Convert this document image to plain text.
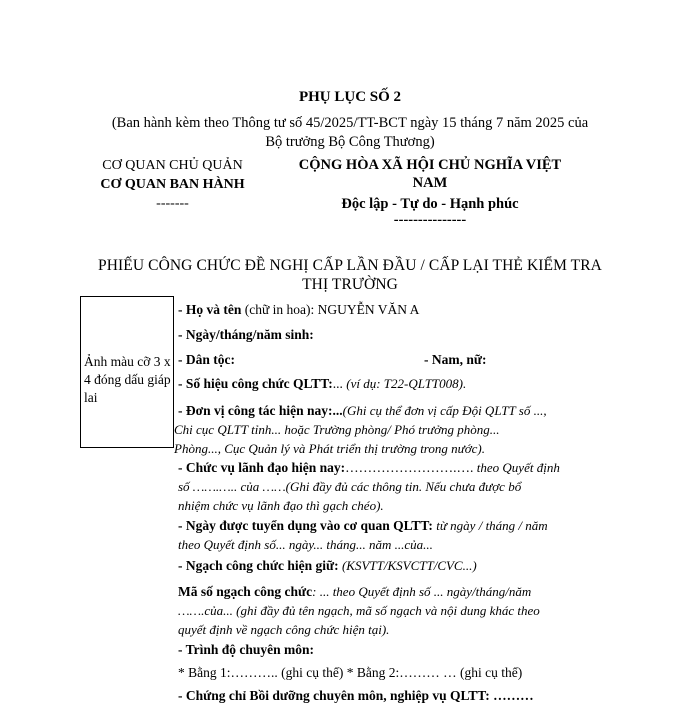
PHỤ LỤC SỐ 2
(Ban hành kèm theo Thông tư số 45/2025/TT-BCT ngày 15 tháng 7 năm 2025 của
Bộ trưởng Bộ Công Thương)
CƠ QUAN CHỦ QUẢN
CƠ QUAN BAN HÀNH
-------
CỘNG HÒA XÃ HỘI CHỦ NGHĨA VIỆT
NAM
Độc lập - Tự do - Hạnh phúc
---------------
PHIẾU CÔNG CHỨC ĐỀ NGHỊ CẤP LẦN ĐẦU / CẤP LẠI THẺ KIỂM TRA
THỊ TRƯỜNG
Ảnh màu cỡ 3 x 4 đóng dấu giáp lai
- Họ và tên (chữ in hoa): NGUYỄN VĂN A
- Ngày/tháng/năm sinh:
- Dân tộc:	- Nam, nữ:
- Số hiệu công chức QLTT:... (ví dụ: T22-QLTT008).
- Đơn vị công tác hiện nay:...(Ghi cụ thể đơn vị cấp Đội QLTT số ...,
Chi cục QLTT tỉnh... hoặc Trường phòng/ Phó trưởng phòng...
Phòng..., Cục Quản lý và Phát triển thị trường trong nước).
- Chức vụ lãnh đạo hiện nay:…………………….…. theo Quyết định
số …….….. của ……(Ghi đầy đủ các thông tin. Nếu chưa được bổ
nhiệm chức vụ lãnh đạo thì gạch chéo).
- Ngày được tuyển dụng vào cơ quan QLTT: từ ngày / tháng / năm
theo Quyết định số... ngày... tháng... năm ...của...
- Ngạch công chức hiện giữ: (KSVTT/KSVCTT/CVC...)
Mã số ngạch công chức: ... theo Quyết định số ... ngày/tháng/năm
…….của... (ghi đầy đủ tên ngạch, mã số ngạch và nội dung khác theo
quyết định về ngạch công chức hiện tại).
- Trình độ chuyên môn:
* Bằng 1:……….. (ghi cụ thể) * Bằng 2:……… … (ghi cụ thể)
- Chứng chỉ Bồi dưỡng chuyên môn, nghiệp vụ QLTT: ………
